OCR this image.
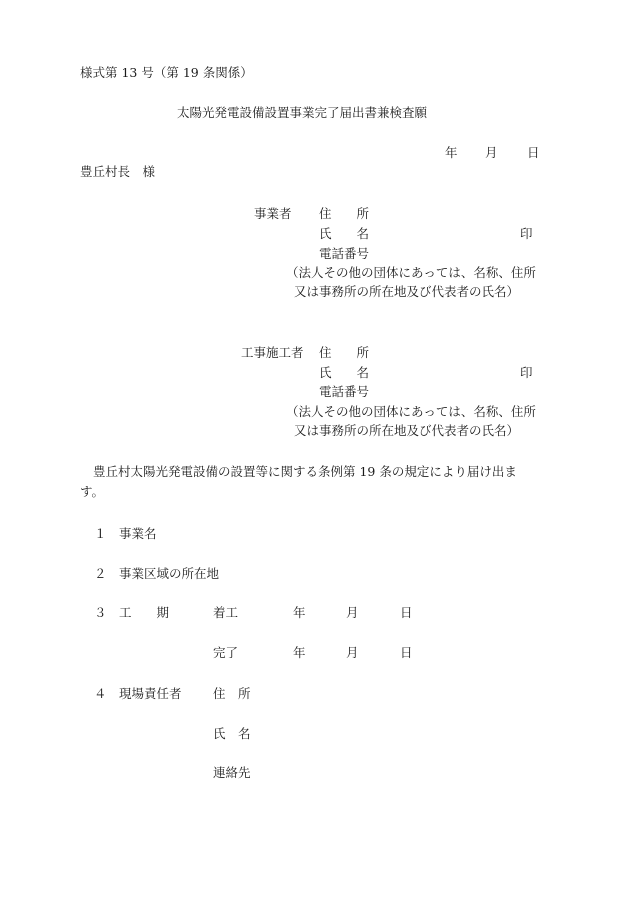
様式第 13 号（第 19 条関係）
太陽光発電設備設置事業完了届出書兼検査願
年 月 日
豊丘村長　様
事業者 住　　所
氏　　名	印
電話番号
（法人その他の団体にあっては、名称、住所
又は事務所の所在地及び代表者の氏名）
工事施工者 住　　所
氏　　名	印
電話番号
（法人その他の団体にあっては、名称、住所
又は事務所の所在地及び代表者の氏名）
豊丘村太陽光発電設備の設置等に関する条例第 19 条の規定により届け出ま
す。
１ 事業名
２ 事業区域の所在地
３ 工　　期	着工	年	月	日
完了	年	月	日
４ 現場責任者	住　所
氏　名
連絡先
